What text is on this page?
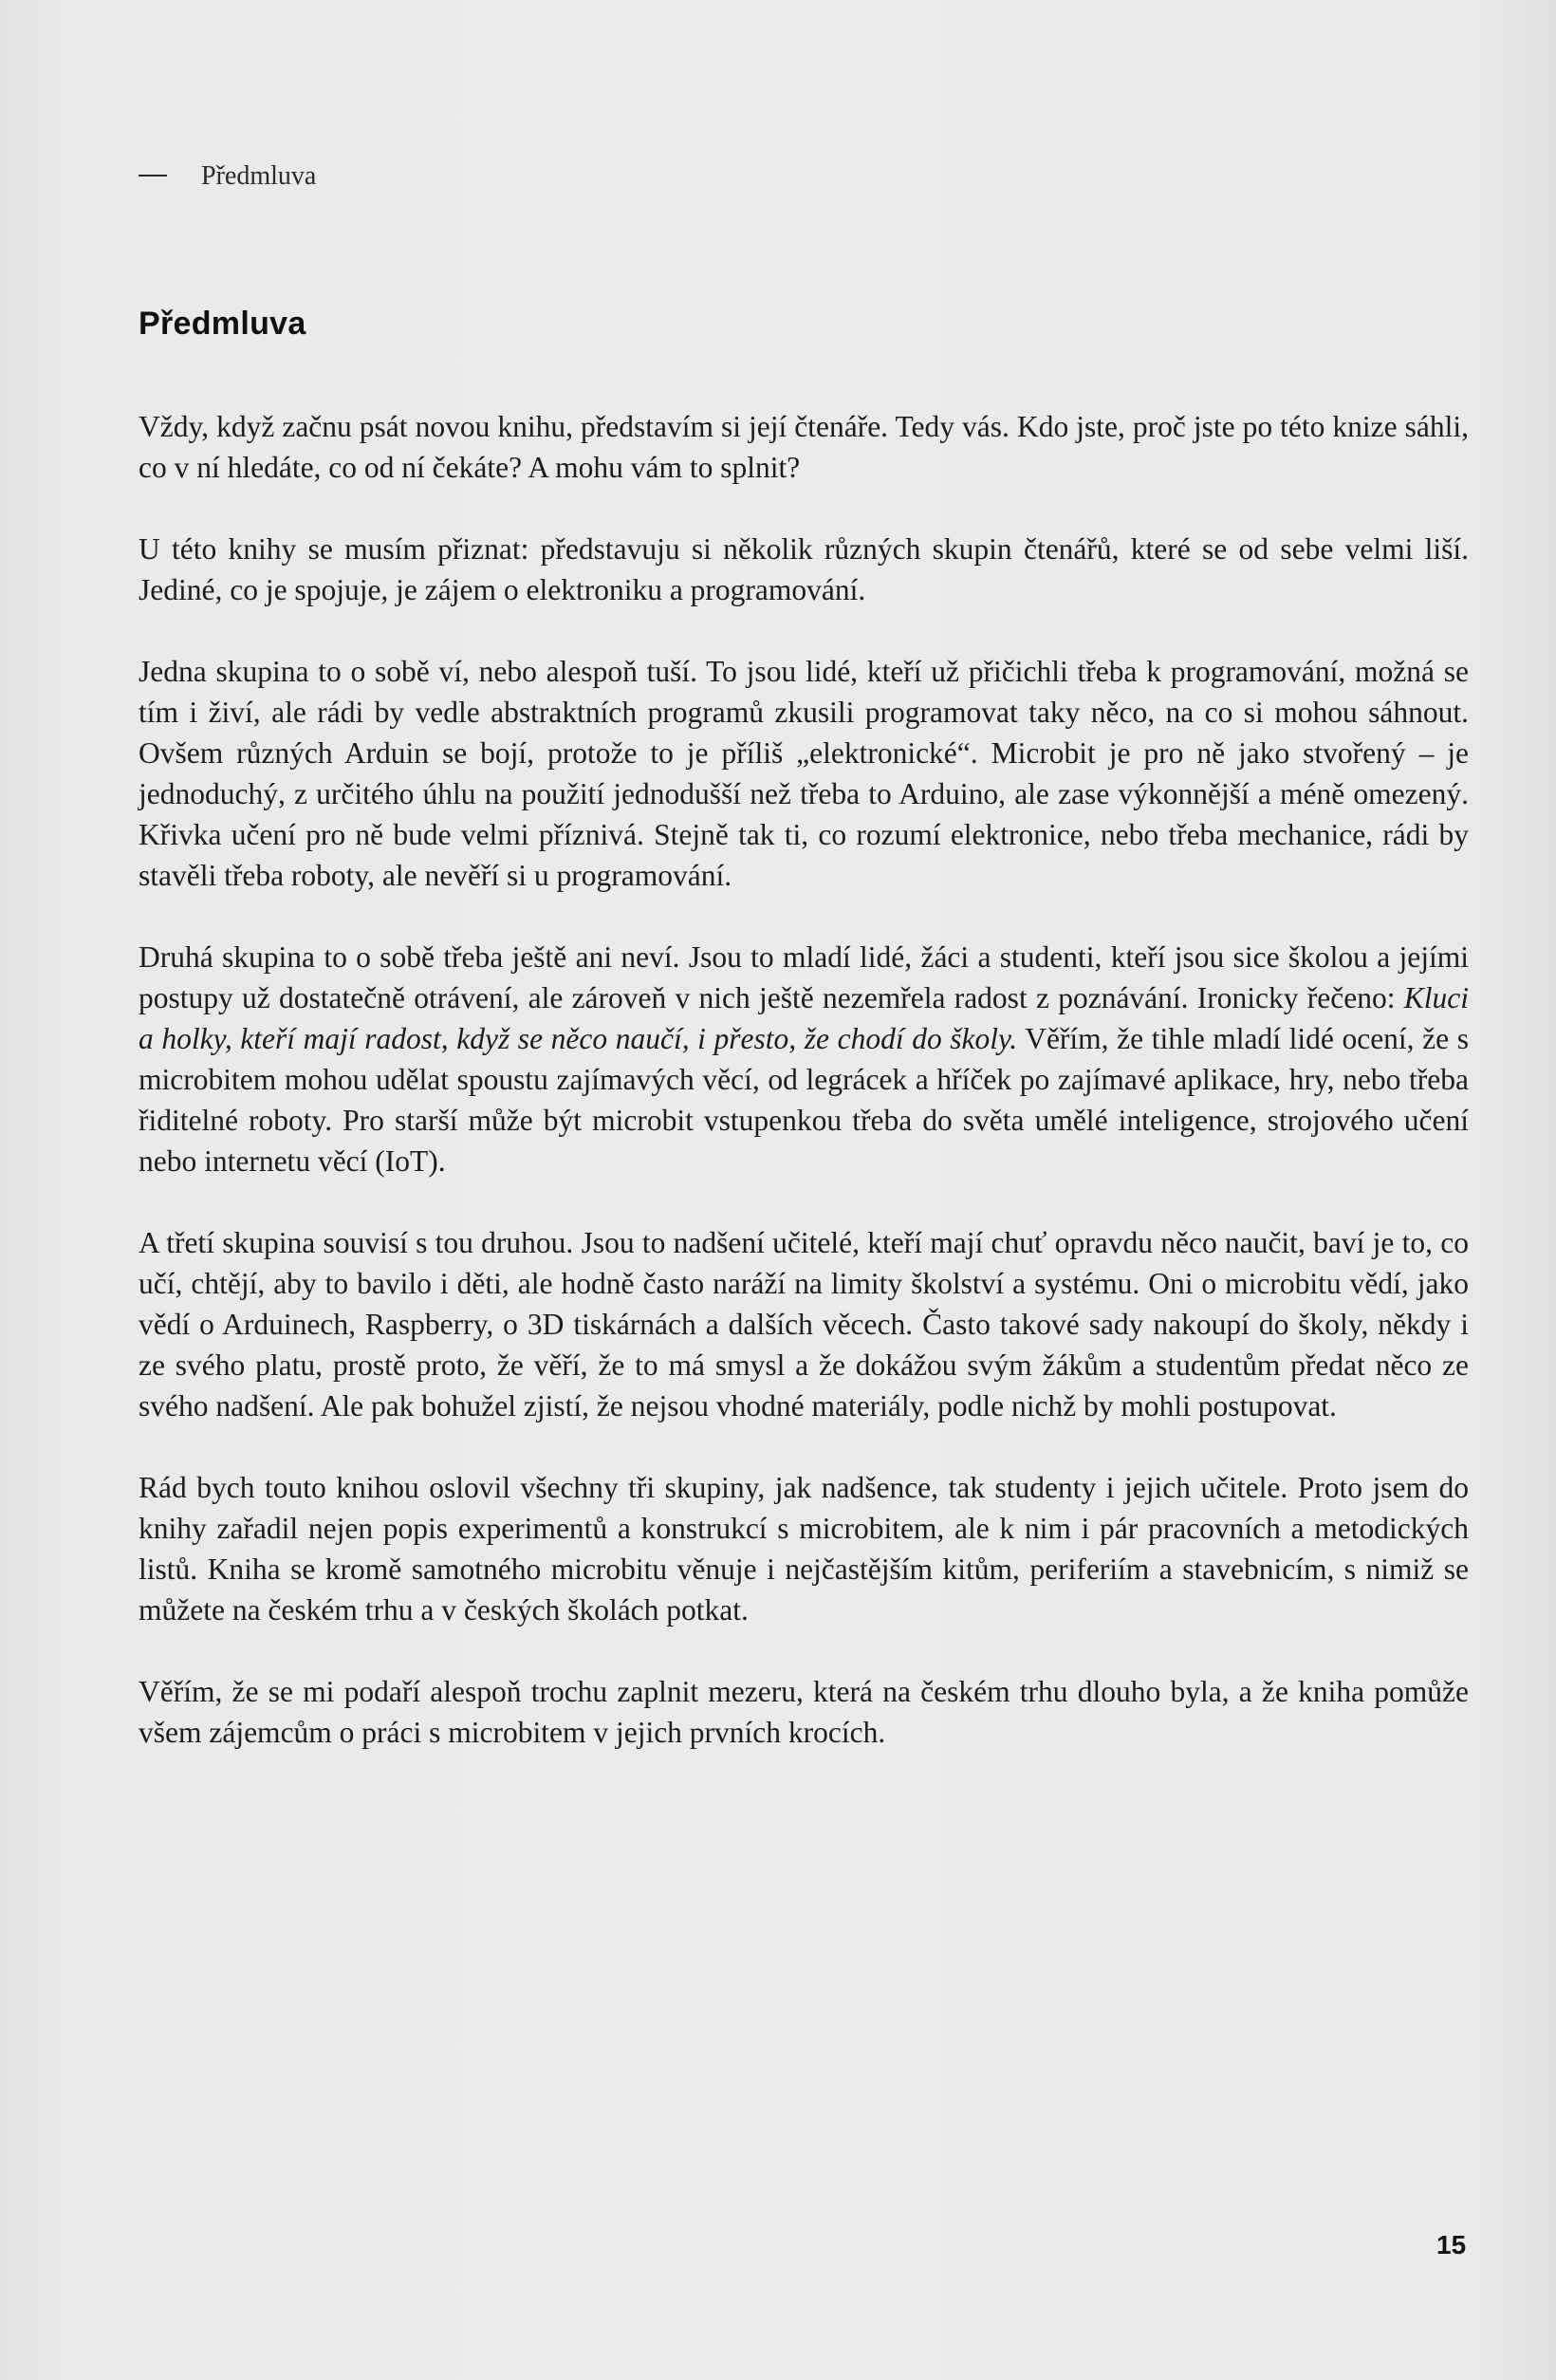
Předmluva
Předmluva

Vždy, když začnu psát novou knihu, představím si její čtenáře. Tedy vás. Kdo jste, proč jste po této knize sáhli, co v ní hledáte, co od ní čekáte? A mohu vám to splnit?

U této knihy se musím přiznat: představuju si několik různých skupin čtenářů, které se od sebe velmi liší. Jediné, co je spojuje, je zájem o elektroniku a programování.

Jedna skupina to o sobě ví, nebo alespoň tuší. To jsou lidé, kteří už přičichli třeba k programování, možná se tím i živí, ale rádi by vedle abstraktních programů zkusili programovat taky něco, na co si mohou sáhnout. Ovšem různých Arduin se bojí, protože to je příliš „elektronické“. Microbit je pro ně jako stvořený – je jednoduchý, z určitého úhlu na použití jednodušší než třeba to Arduino, ale zase výkonnější a méně omezený. Křivka učení pro ně bude velmi příznivá. Stejně tak ti, co rozumí elektronice, nebo třeba mechanice, rádi by stavěli třeba roboty, ale nevěří si u programování.

Druhá skupina to o sobě třeba ještě ani neví. Jsou to mladí lidé, žáci a studenti, kteří jsou sice školou a jejími postupy už dostatečně otrávení, ale zároveň v nich ještě nezemřela radost z poznávání. Ironicky řečeno: Kluci a holky, kteří mají radost, když se něco naučí, i přesto, že chodí do školy. Věřím, že tihle mladí lidé ocení, že s microbitem mohou udělat spoustu zajímavých věcí, od legrácek a hříček po zajímavé aplikace, hry, nebo třeba řiditelné roboty. Pro starší může být microbit vstupenkou třeba do světa umělé inteligence, strojového učení nebo internetu věcí (IoT).

A třetí skupina souvisí s tou druhou. Jsou to nadšení učitelé, kteří mají chuť opravdu něco naučit, baví je to, co učí, chtějí, aby to bavilo i děti, ale hodně často naráží na limity školství a systému. Oni o microbitu vědí, jako vědí o Arduinech, Raspberry, o 3D tiskárnách a dalších věcech. Často takové sady nakoupí do školy, někdy i ze svého platu, prostě proto, že věří, že to má smysl a že dokážou svým žákům a studentům předat něco ze svého nadšení. Ale pak bohužel zjistí, že nejsou vhodné materiály, podle nichž by mohli postupovat.

Rád bych touto knihou oslovil všechny tři skupiny, jak nadšence, tak studenty i jejich učitele. Proto jsem do knihy zařadil nejen popis experimentů a konstrukcí s microbitem, ale k nim i pár pracovních a metodických listů. Kniha se kromě samotného microbitu věnuje i nejčastějším kitům, periferiím a stavebnicím, s nimiž se můžete na českém trhu a v českých školách potkat.

Věřím, že se mi podaří alespoň trochu zaplnit mezeru, která na českém trhu dlouho byla, a že kniha pomůže všem zájemcům o práci s microbitem v jejich prvních krocích.

15
